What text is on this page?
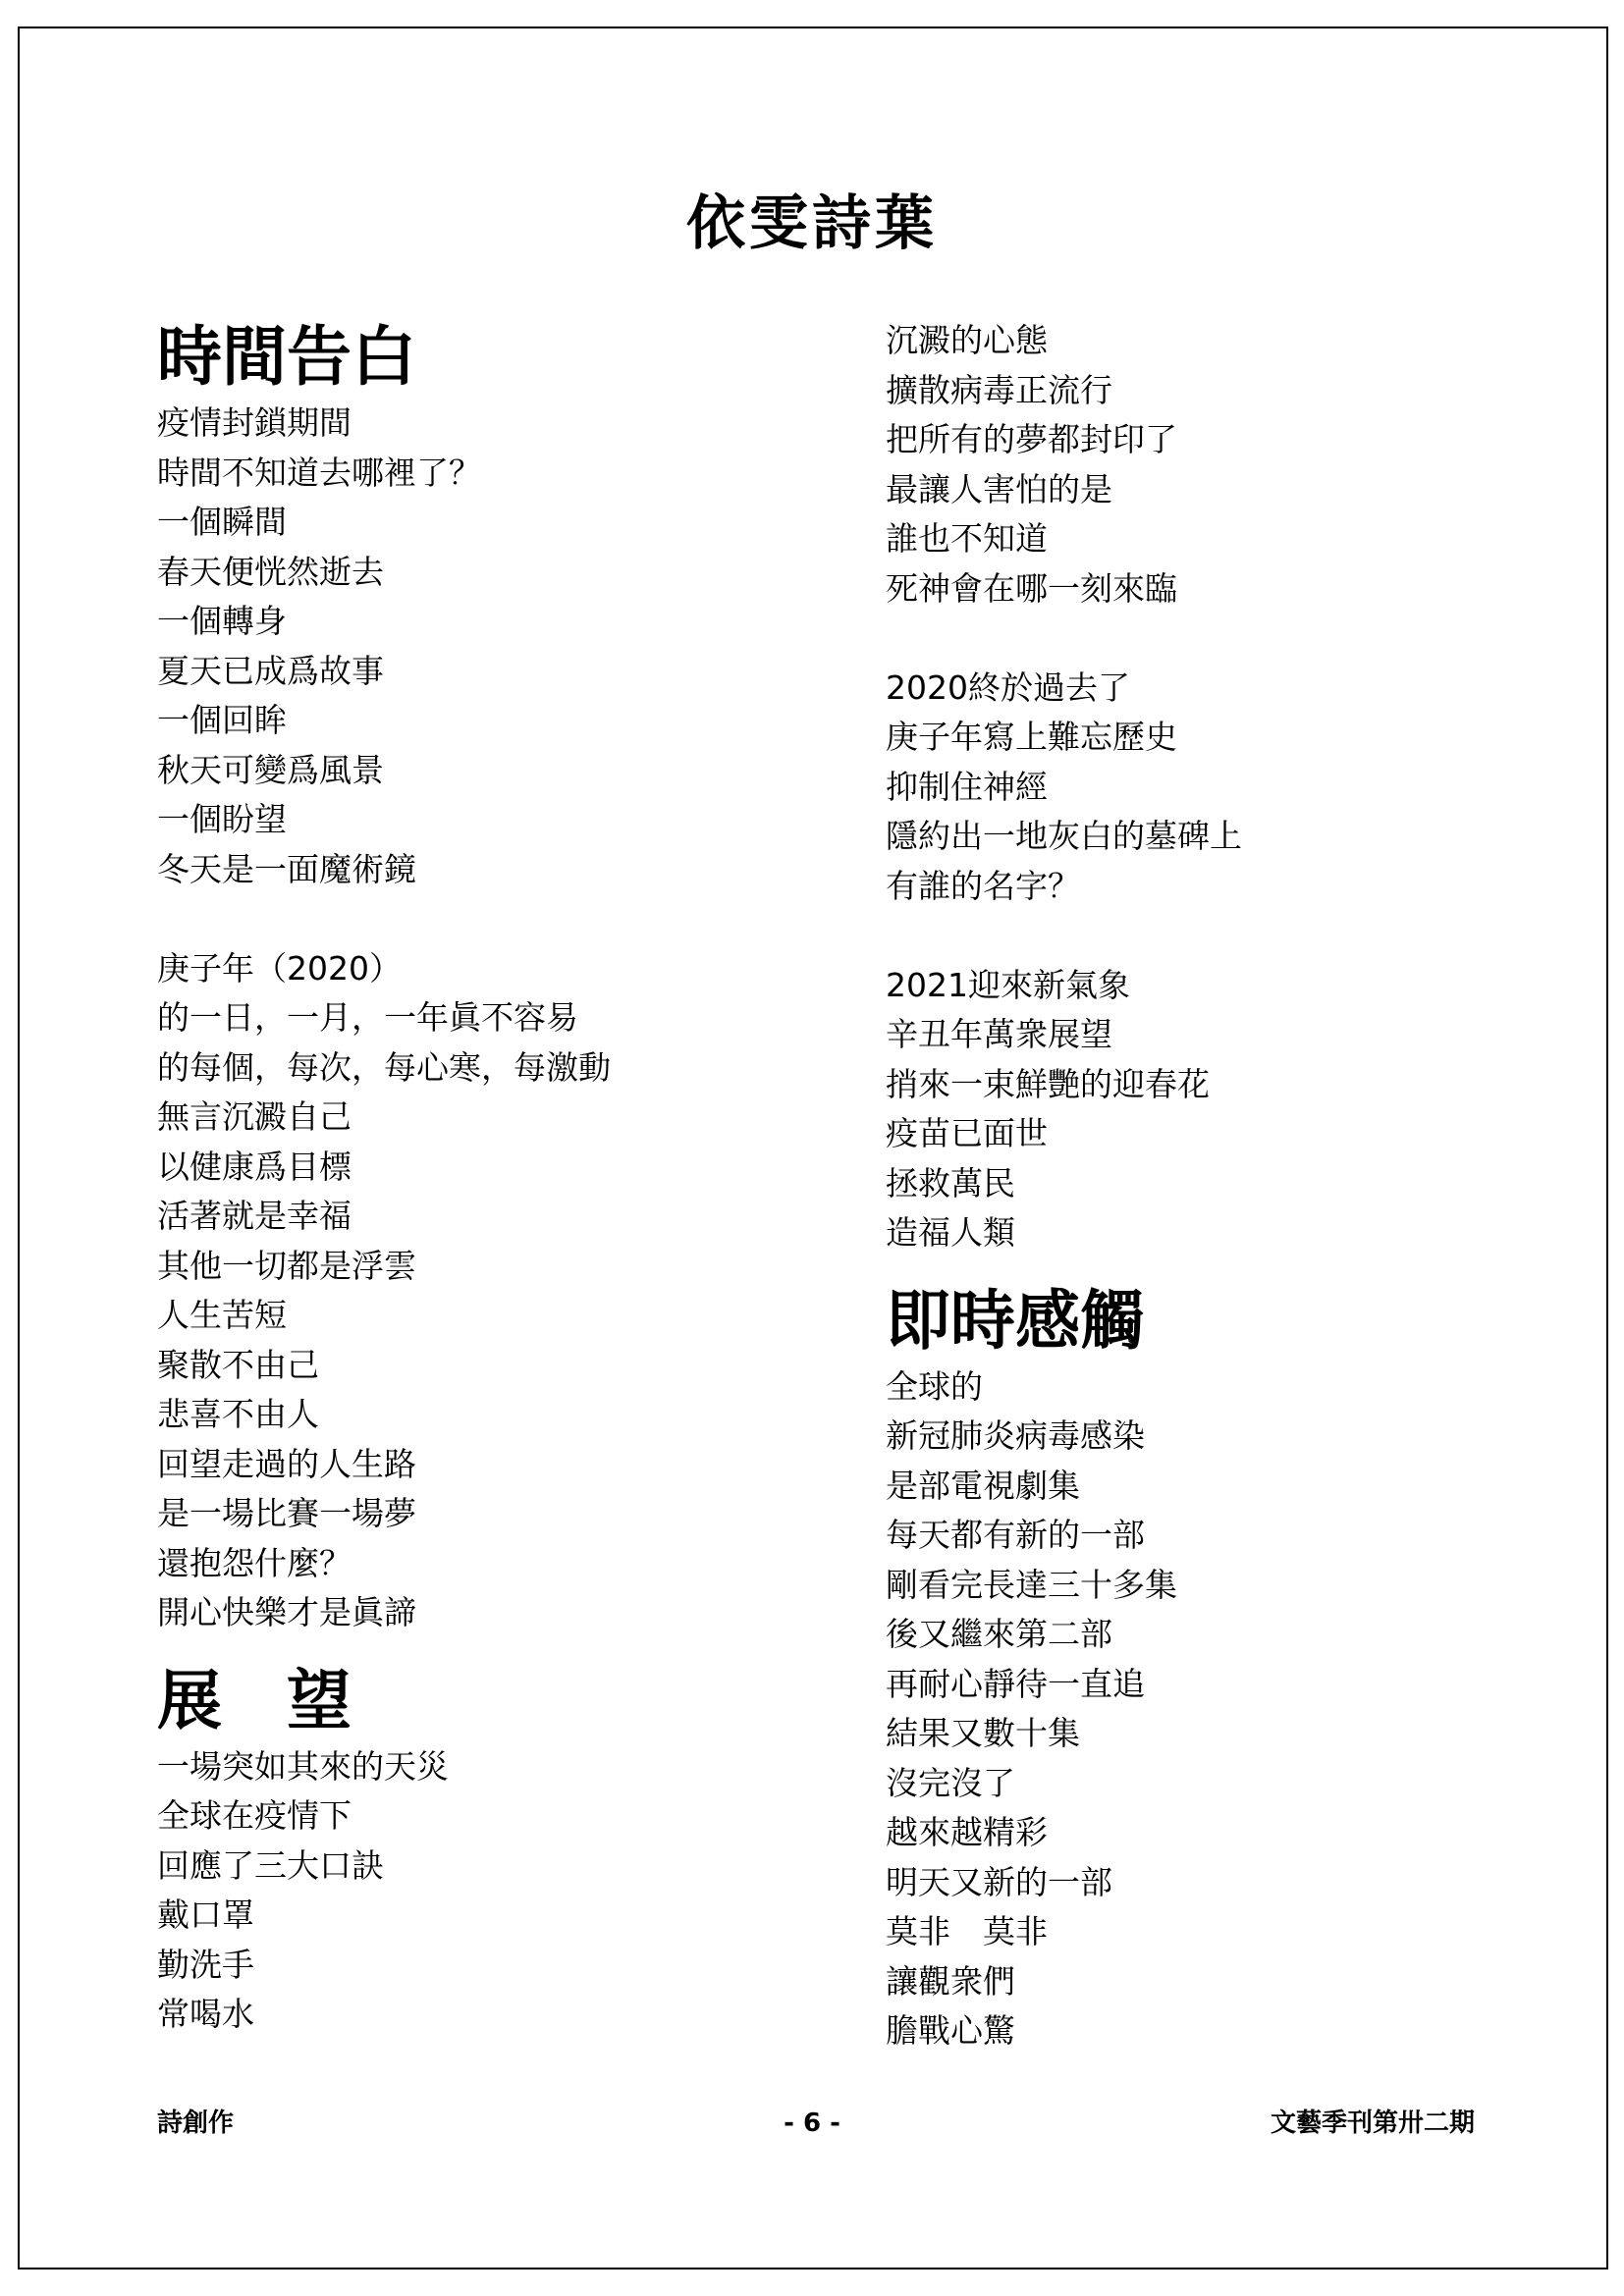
依雯詩葉
時間告白
疫情封鎖期間
時間不知道去哪裡了？
一個瞬間
春天便恍然逝去
一個轉身
夏天已成爲故事
一個回眸
秋天可變爲風景
一個盼望
冬天是一面魔術鏡
庚子年（2020）
的一日，一月，一年眞不容易
的每個，每次，每心寒，每激動
無言沉澱自己
以健康爲目標
活著就是幸福
其他一切都是浮雲
人生苦短
聚散不由己
悲喜不由人
回望走過的人生路
是一場比賽一場夢
還抱怨什麼？
開心快樂才是眞諦
展　望
一場突如其來的天災
全球在疫情下
回應了三大口訣
戴口罩
勤洗手
常喝水
沉澱的心態
擴散病毒正流行
把所有的夢都封印了
最讓人害怕的是
誰也不知道
死神會在哪一刻來臨
2020終於過去了
庚子年寫上難忘歷史
抑制住神經
隱約出一地灰白的墓碑上
有誰的名字？
2021迎來新氣象
辛丑年萬衆展望
捎來一束鮮艷的迎春花
疫苗已面世
拯救萬民
造福人類
即時感觸
全球的
新冠肺炎病毒感染
是部電視劇集
每天都有新的一部
剛看完長達三十多集
後又繼來第二部
再耐心靜待一直追
結果又數十集
沒完沒了
越來越精彩
明天又新的一部
莫非　莫非
讓觀衆們
膽戰心驚
詩創作	- 6 -	文藝季刊第卅二期
